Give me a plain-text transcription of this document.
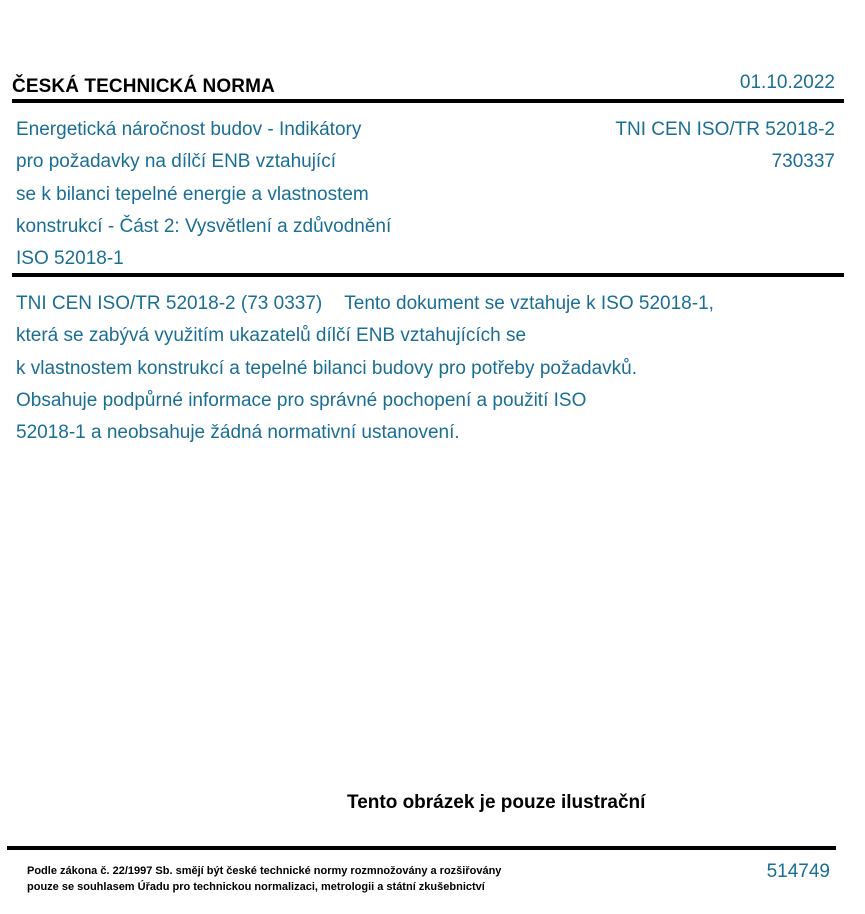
ČESKÁ TECHNICKÁ NORMA	01.10.2022
Energetická náročnost budov - Indikátory
pro požadavky na dílčí ENB vztahující
se k bilanci tepelné energie a vlastnostem
konstrukcí - Část 2: Vysvětlení a zdůvodnění
ISO 52018-1
TNI CEN ISO/TR 52018-2
730337
TNI CEN ISO/TR 52018-2 (73 0337) Tento dokument se vztahuje k ISO 52018-1,
která se zabývá využitím ukazatelů dílčí ENB vztahujících se
k vlastnostem konstrukcí a tepelné bilanci budovy pro potřeby požadavků.
Obsahuje podpůrné informace pro správné pochopení a použití ISO
52018-1 a neobsahuje žádná normativní ustanovení.
Tento obrázek je pouze ilustrační
Podle zákona č. 22/1997 Sb. smějí být české technické normy rozmnožovány a rozšiřovány
pouze se souhlasem Úřadu pro technickou normalizaci, metrologii a státní zkušebnictví
514749
